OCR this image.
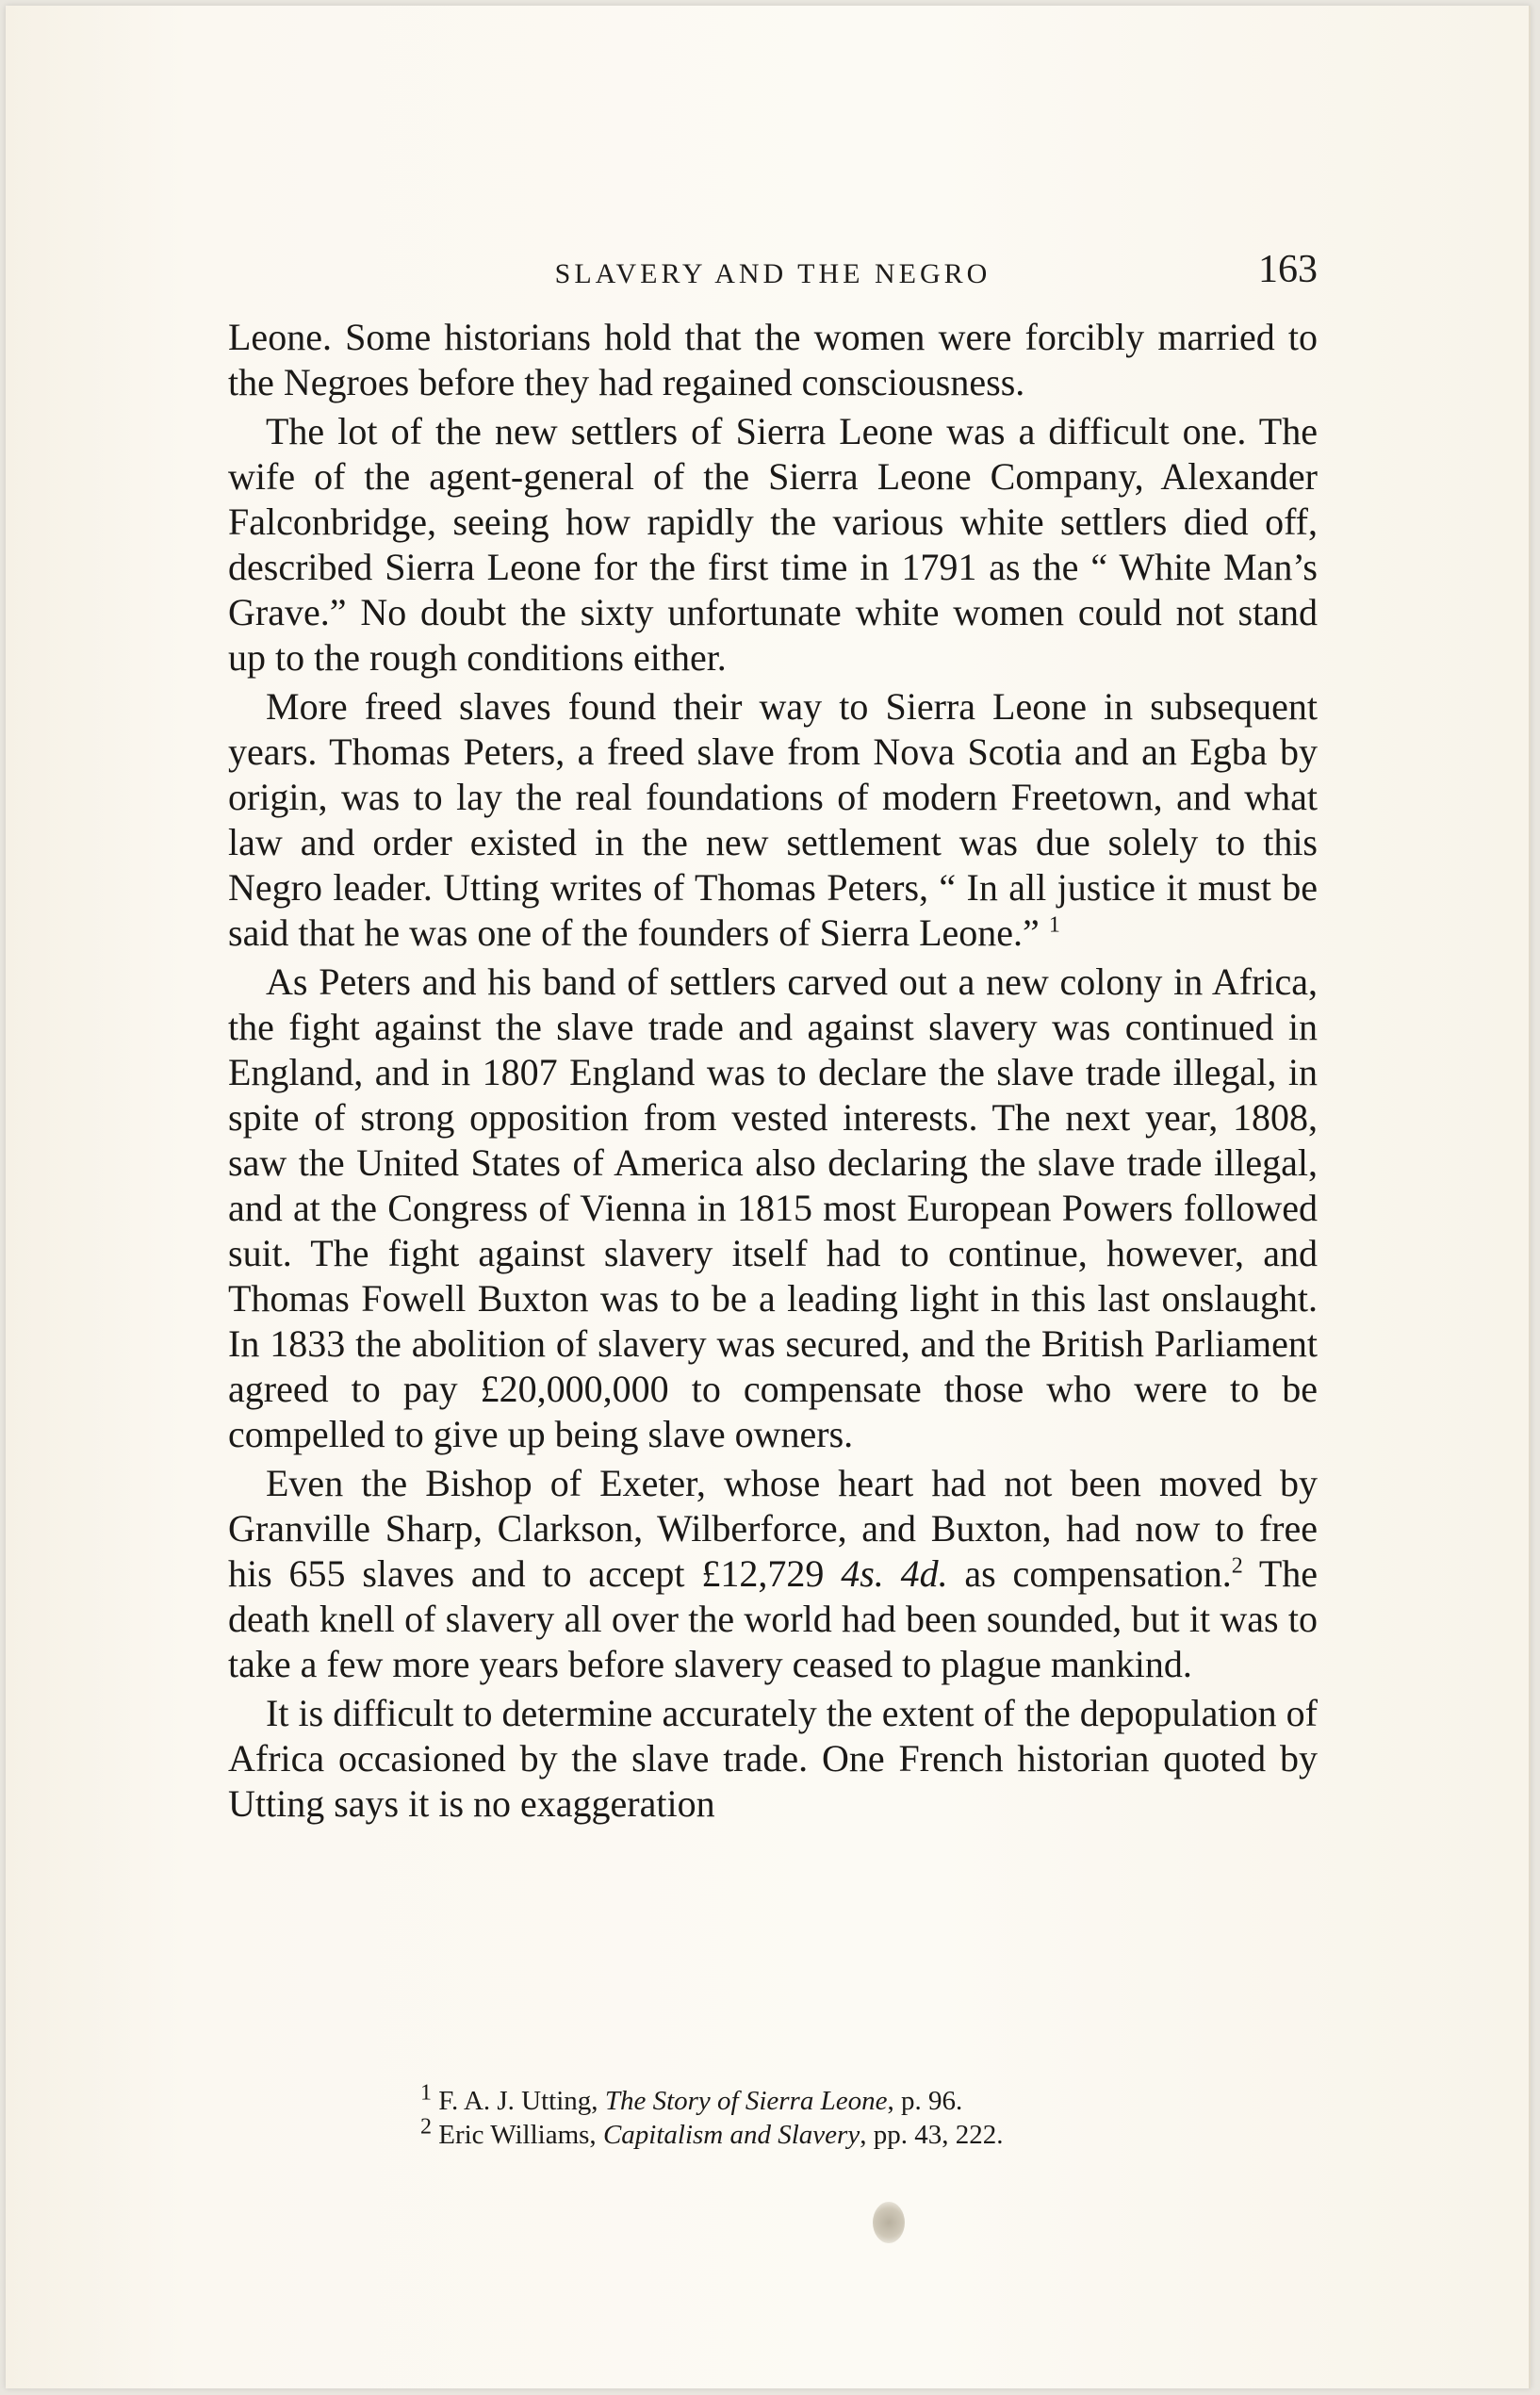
SLAVERY AND THE NEGRO	163

Leone. Some historians hold that the women were forcibly married to the Negroes before they had regained consciousness.

The lot of the new settlers of Sierra Leone was a difficult one. The wife of the agent-general of the Sierra Leone Company, Alexander Falconbridge, seeing how rapidly the various white settlers died off, described Sierra Leone for the first time in 1791 as the “ White Man’s Grave.” No doubt the sixty unfortunate white women could not stand up to the rough conditions either.

More freed slaves found their way to Sierra Leone in subsequent years. Thomas Peters, a freed slave from Nova Scotia and an Egba by origin, was to lay the real foundations of modern Freetown, and what law and order existed in the new settlement was due solely to this Negro leader. Utting writes of Thomas Peters, “ In all justice it must be said that he was one of the founders of Sierra Leone.” $^1$

As Peters and his band of settlers carved out a new colony in Africa, the fight against the slave trade and against slavery was continued in England, and in 1807 England was to declare the slave trade illegal, in spite of strong opposition from vested interests. The next year, 1808, saw the United States of America also declaring the slave trade illegal, and at the Congress of Vienna in 1815 most European Powers followed suit. The fight against slavery itself had to continue, however, and Thomas Fowell Buxton was to be a leading light in this last onslaught. In 1833 the abolition of slavery was secured, and the British Parliament agreed to pay £20,000,000 to compensate those who were to be compelled to give up being slave owners.

Even the Bishop of Exeter, whose heart had not been moved by Granville Sharp, Clarkson, Wilberforce, and Buxton, had now to free his 655 slaves and to accept £12,729 4s. 4d. as compensation.$^2$ The death knell of slavery all over the world had been sounded, but it was to take a few more years before slavery ceased to plague mankind.

It is difficult to determine accurately the extent of the depopulation of Africa occasioned by the slave trade. One French historian quoted by Utting says it is no exaggeration

$^1$ F. A. J. Utting, The Story of Sierra Leone, p. 96.

$^2$ Eric Williams, Capitalism and Slavery, pp. 43, 222.
